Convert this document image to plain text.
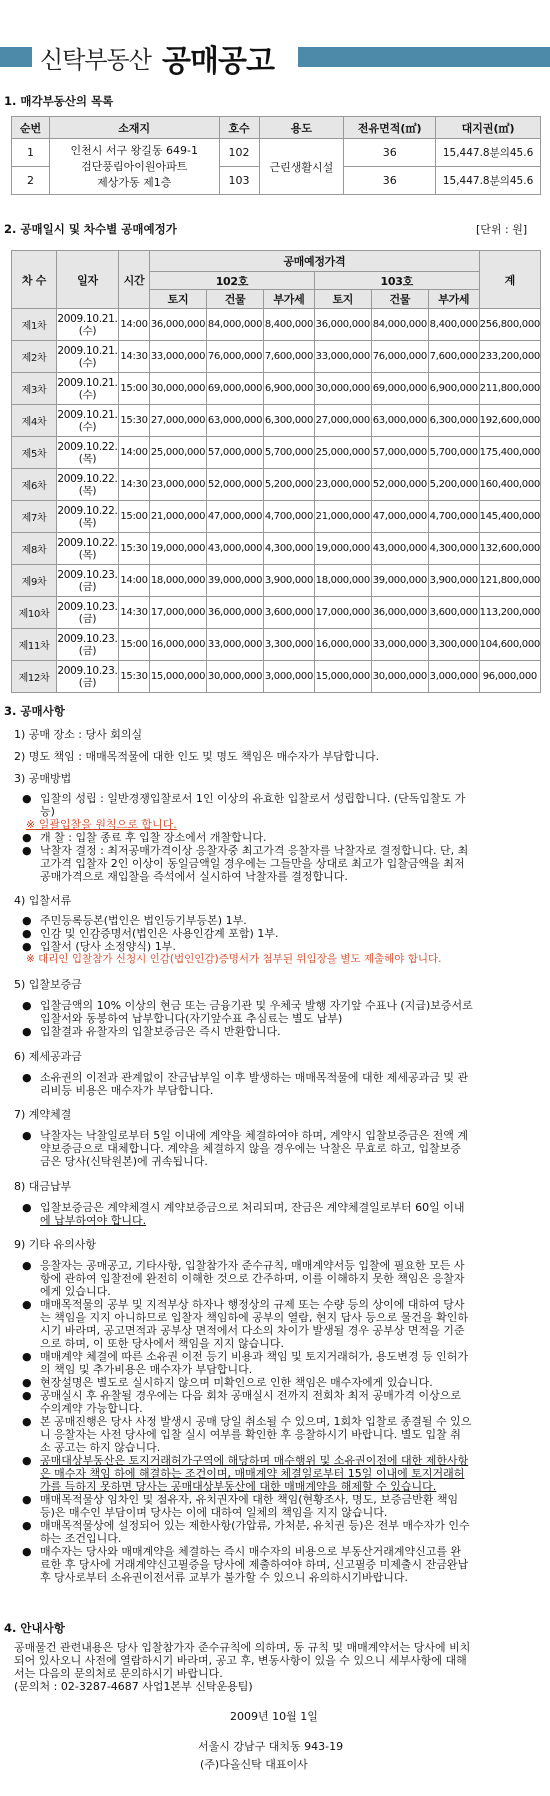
신탁부동산 공매공고
1. 매각부동산의 목록
순번	소재지	호수	용도	전유면적(㎡)	대지권(㎡)
1	인천시 서구 왕길동 649-1
검단풍림아이원아파트
제상가동 제1층	102	근린생활시설	36	15,447.8분의45.6
2		103		36	15,447.8분의45.6
2. 공매일시 및 차수별 공매예정가	[단위 : 원]
차 수	일자	시간	공매예정가격						계
			102호			103호			
			토지	건물	부가세	토지	건물	부가세	
제1차	2009.10.21.
(수)	14:00	36,000,000	84,000,000	8,400,000	36,000,000	84,000,000	8,400,000	256,800,000
제2차	2009.10.21.
(수)	14:30	33,000,000	76,000,000	7,600,000	33,000,000	76,000,000	7,600,000	233,200,000
제3차	2009.10.21.
(수)	15:00	30,000,000	69,000,000	6,900,000	30,000,000	69,000,000	6,900,000	211,800,000
제4차	2009.10.21.
(수)	15:30	27,000,000	63,000,000	6,300,000	27,000,000	63,000,000	6,300,000	192,600,000
제5차	2009.10.22.
(목)	14:00	25,000,000	57,000,000	5,700,000	25,000,000	57,000,000	5,700,000	175,400,000
제6차	2009.10.22.
(목)	14:30	23,000,000	52,000,000	5,200,000	23,000,000	52,000,000	5,200,000	160,400,000
제7차	2009.10.22.
(목)	15:00	21,000,000	47,000,000	4,700,000	21,000,000	47,000,000	4,700,000	145,400,000
제8차	2009.10.22.
(목)	15:30	19,000,000	43,000,000	4,300,000	19,000,000	43,000,000	4,300,000	132,600,000
제9차	2009.10.23.
(금)	14:00	18,000,000	39,000,000	3,900,000	18,000,000	39,000,000	3,900,000	121,800,000
제10차	2009.10.23.
(금)	14:30	17,000,000	36,000,000	3,600,000	17,000,000	36,000,000	3,600,000	113,200,000
제11차	2009.10.23.
(금)	15:00	16,000,000	33,000,000	3,300,000	16,000,000	33,000,000	3,300,000	104,600,000
제12차	2009.10.23.
(금)	15:30	15,000,000	30,000,000	3,000,000	15,000,000	30,000,000	3,000,000	96,000,000
3. 공매사항
1) 공매 장소 : 당사 회의실
2) 명도 책임 : 매매목적물에 대한 인도 및 명도 책임은 매수자가 부담합니다.
3) 공매방법
● 입찰의 성립 : 일반경쟁입찰로서 1인 이상의 유효한 입찰로서 성립합니다. (단독입찰도 가
능)
※ 일괄입찰을 원칙으로 합니다.
● 개 찰 : 입찰 종료 후 입찰 장소에서 개찰합니다.
● 낙찰자 결정 : 최저공매가격이상 응찰자중 최고가격 응찰자를 낙찰자로 결정합니다. 단, 최
고가격 입찰자 2인 이상이 동일금액일 경우에는 그들만을 상대로 최고가 입찰금액을 최저
공매가격으로 재입찰을 즉석에서 실시하여 낙찰자를 결정합니다.
4) 입찰서류
● 주민등록등본(법인은 법인등기부등본) 1부.
● 인감 및 인감증명서(법인은 사용인감계 포함) 1부.
● 입찰서 (당사 소정양식) 1부.
※ 대리인 입찰참가 신청시 인감(법인인감)증명서가 첨부된 위임장을 별도 제출해야 합니다.
5) 입찰보증금
● 입찰금액의 10% 이상의 현금 또는 금융기관 및 우체국 발행 자기앞 수표나 (지급)보증서로
입찰서와 동봉하여 납부합니다(자기앞수표 추심료는 별도 납부)
● 입찰결과 유찰자의 입찰보증금은 즉시 반환합니다.
6) 제세공과금
● 소유권의 이전과 관계없이 잔금납부일 이후 발생하는 매매목적물에 대한 제세공과금 및 관
리비등 비용은 매수자가 부담합니다.
7) 계약체결
● 낙찰자는 낙찰일로부터 5일 이내에 계약을 체결하여야 하며, 계약시 입찰보증금은 전액 계
약보증금으로 대체합니다. 계약을 체결하지 않을 경우에는 낙찰은 무효로 하고, 입찰보증
금은 당사(신탁원본)에 귀속됩니다.
8) 대금납부
● 입찰보증금은 계약체결시 계약보증금으로 처리되며, 잔금은 계약체결일로부터 60일 이내
에 납부하여야 합니다.
9) 기타 유의사항
● 응찰자는 공매공고, 기타사항, 입찰참가자 준수규칙, 매매계약서등 입찰에 필요한 모든 사
항에 관하여 입찰전에 완전히 이해한 것으로 간주하며, 이를 이해하지 못한 책임은 응찰자
에게 있습니다.
● 매매목적물의 공부 및 지적부상 하자나 행정상의 규제 또는 수량 등의 상이에 대하여 당사
는 책임을 지지 아니하므로 입찰자 책임하에 공부의 열람, 현지 답사 등으로 물건을 확인하
시기 바라며, 공고면적과 공부상 면적에서 다소의 차이가 발생될 경우 공부상 면적을 기준
으로 하며, 이 또한 당사에서 책임을 지지 않습니다.
● 매매계약 체결에 따른 소유권 이전 등기 비용과 책임 및 토지거래허가, 용도변경 등 인허가
의 책임 및 추가비용은 매수자가 부담합니다.
● 현장설명은 별도로 실시하지 않으며 미확인으로 인한 책임은 매수자에게 있습니다.
● 공매실시 후 유찰될 경우에는 다음 회차 공매실시 전까지 전회차 최저 공매가격 이상으로
수의계약 가능합니다.
● 본 공매진행은 당사 사정 발생시 공매 당일 취소될 수 있으며, 1회차 입찰로 종결될 수 있으
니 응찰자는 사전 당사에 입찰 실시 여부를 확인한 후 응찰하시기 바랍니다. 별도 입찰 취
소 공고는 하지 않습니다.
● 공매대상부동산은 토지거래허가구역에 해당하며 매수행위 및 소유권이전에 대한 제한사항
은 매수자 책임 하에 해결하는 조건이며, 매매계약 체결일로부터 15일 이내에 토지거래허
가를 득하지 못하면 당사는 공매대상부동산에 대한 매매계약을 해제할 수 있습니다.
● 매매목적물상 임차인 및 점유자, 유치권자에 대한 책임(현황조사, 명도, 보증금반환 책임
등)은 매수인 부담이며 당사는 이에 대하여 일체의 책임을 지지 않습니다.
● 매매목적물상에 설정되어 있는 제한사항(가압류, 가처분, 유치권 등)은 전부 매수자가 인수
하는 조건입니다.
● 매수자는 당사와 매매계약을 체결하는 즉시 매수자의 비용으로 부동산거래계약신고를 완
료한 후 당사에 거래계약신고필증을 당사에 제출하여야 하며, 신고필증 미제출시 잔금완납
후 당사로부터 소유권이전서류 교부가 불가할 수 있으니 유의하시기바랍니다.
4. 안내사항
공매물건 관련내용은 당사 입찰참가자 준수규칙에 의하며, 동 규칙 및 매매계약서는 당사에 비치
되어 있사오니 사전에 열람하시기 바라며, 공고 후, 변동사항이 있을 수 있으니 세부사항에 대해
서는 다음의 문의처로 문의하시기 바랍니다.
(문의처 : 02-3287-4687 사업1본부 신탁운용팀)
2009년 10월 1일
서울시 강남구 대치동 943-19
(주)다올신탁 대표이사
